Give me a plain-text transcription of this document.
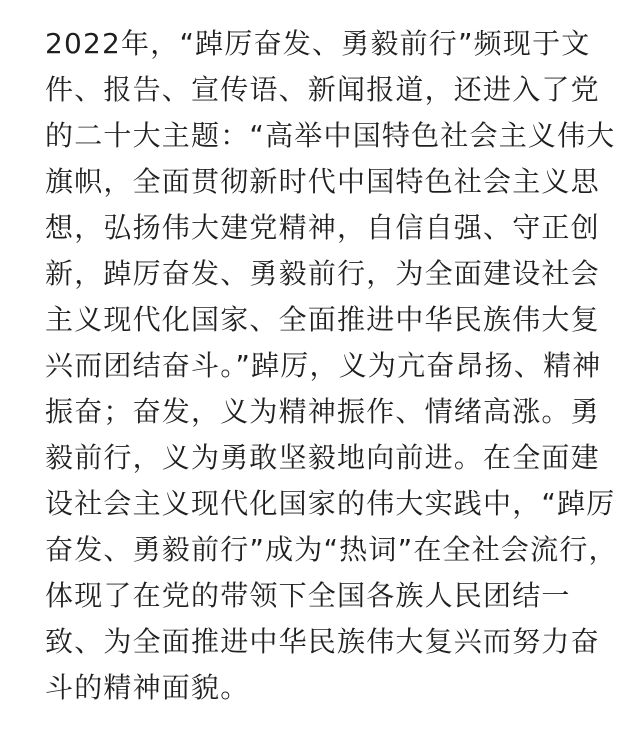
2022年，“踔厉奋发、勇毅前行”频现于文
件、报告、宣传语、新闻报道，还进入了党
的二十大主题：“高举中国特色社会主义伟大
旗帜，全面贯彻新时代中国特色社会主义思
想，弘扬伟大建党精神，自信自强、守正创
新，踔厉奋发、勇毅前行，为全面建设社会
主义现代化国家、全面推进中华民族伟大复
兴而团结奋斗。”踔厉，义为亢奋昂扬、精神
振奋；奋发，义为精神振作、情绪高涨。勇
毅前行，义为勇敢坚毅地向前进。在全面建
设社会主义现代化国家的伟大实践中，“踔厉
奋发、勇毅前行”成为“热词”在全社会流行，
体现了在党的带领下全国各族人民团结一
致、为全面推进中华民族伟大复兴而努力奋
斗的精神面貌。
